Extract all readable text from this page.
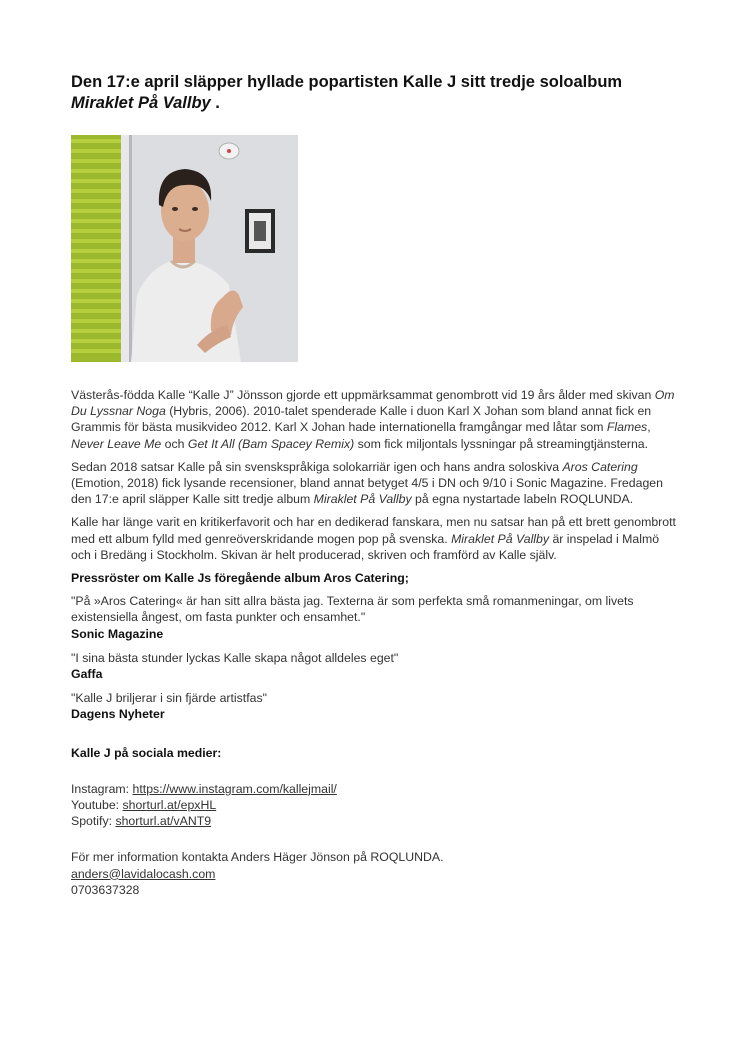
Den 17:e april släpper hyllade popartisten Kalle J sitt tredje soloalbum
Miraklet På Vallby .

Västerås-födda Kalle “Kalle J” Jönsson gjorde ett uppmärksammat genombrott vid 19 års ålder med skivan Om Du Lyssnar Noga (Hybris, 2006). 2010-talet spenderade Kalle i duon Karl X Johan som bland annat fick en Grammis för bästa musikvideo 2012. Karl X Johan hade internationella framgångar med låtar som Flames, Never Leave Me och Get It All (Bam Spacey Remix) som fick miljontals lyssningar på streamingtjänsterna.

Sedan 2018 satsar Kalle på sin svenskspråkiga solokarriär igen och hans andra soloskiva Aros Catering (Emotion, 2018) fick lysande recensioner, bland annat betyget 4/5 i DN och 9/10 i Sonic Magazine. Fredagen den 17:e april släpper Kalle sitt tredje album Miraklet På Vallby på egna nystartade labeln ROQLUNDA.

Kalle har länge varit en kritikerfavorit och har en dedikerad fanskara, men nu satsar han på ett brett genombrott med ett album fylld med genreöverskridande mogen pop på svenska. Miraklet På Vallby är inspelad i Malmö och i Bredäng i Stockholm. Skivan är helt producerad, skriven och framförd av Kalle själv.

Pressröster om Kalle Js föregående album Aros Catering;
"På »Aros Catering« är han sitt allra bästa jag. Texterna är som perfekta små romanmeningar, om livets existensiella ångest, om fasta punkter och ensamhet."
Sonic Magazine
"I sina bästa stunder lyckas Kalle skapa något alldeles eget"
Gaffa
"Kalle J briljerar i sin fjärde artistfas"
Dagens Nyheter
Kalle J på sociala medier:
Instagram: https://www.instagram.com/kallejmail/
Youtube: shorturl.at/epxHL
Spotify: shorturl.at/vANT9
För mer information kontakta Anders Häger Jönson på ROQLUNDA.
anders@lavidalocash.com
0703637328
